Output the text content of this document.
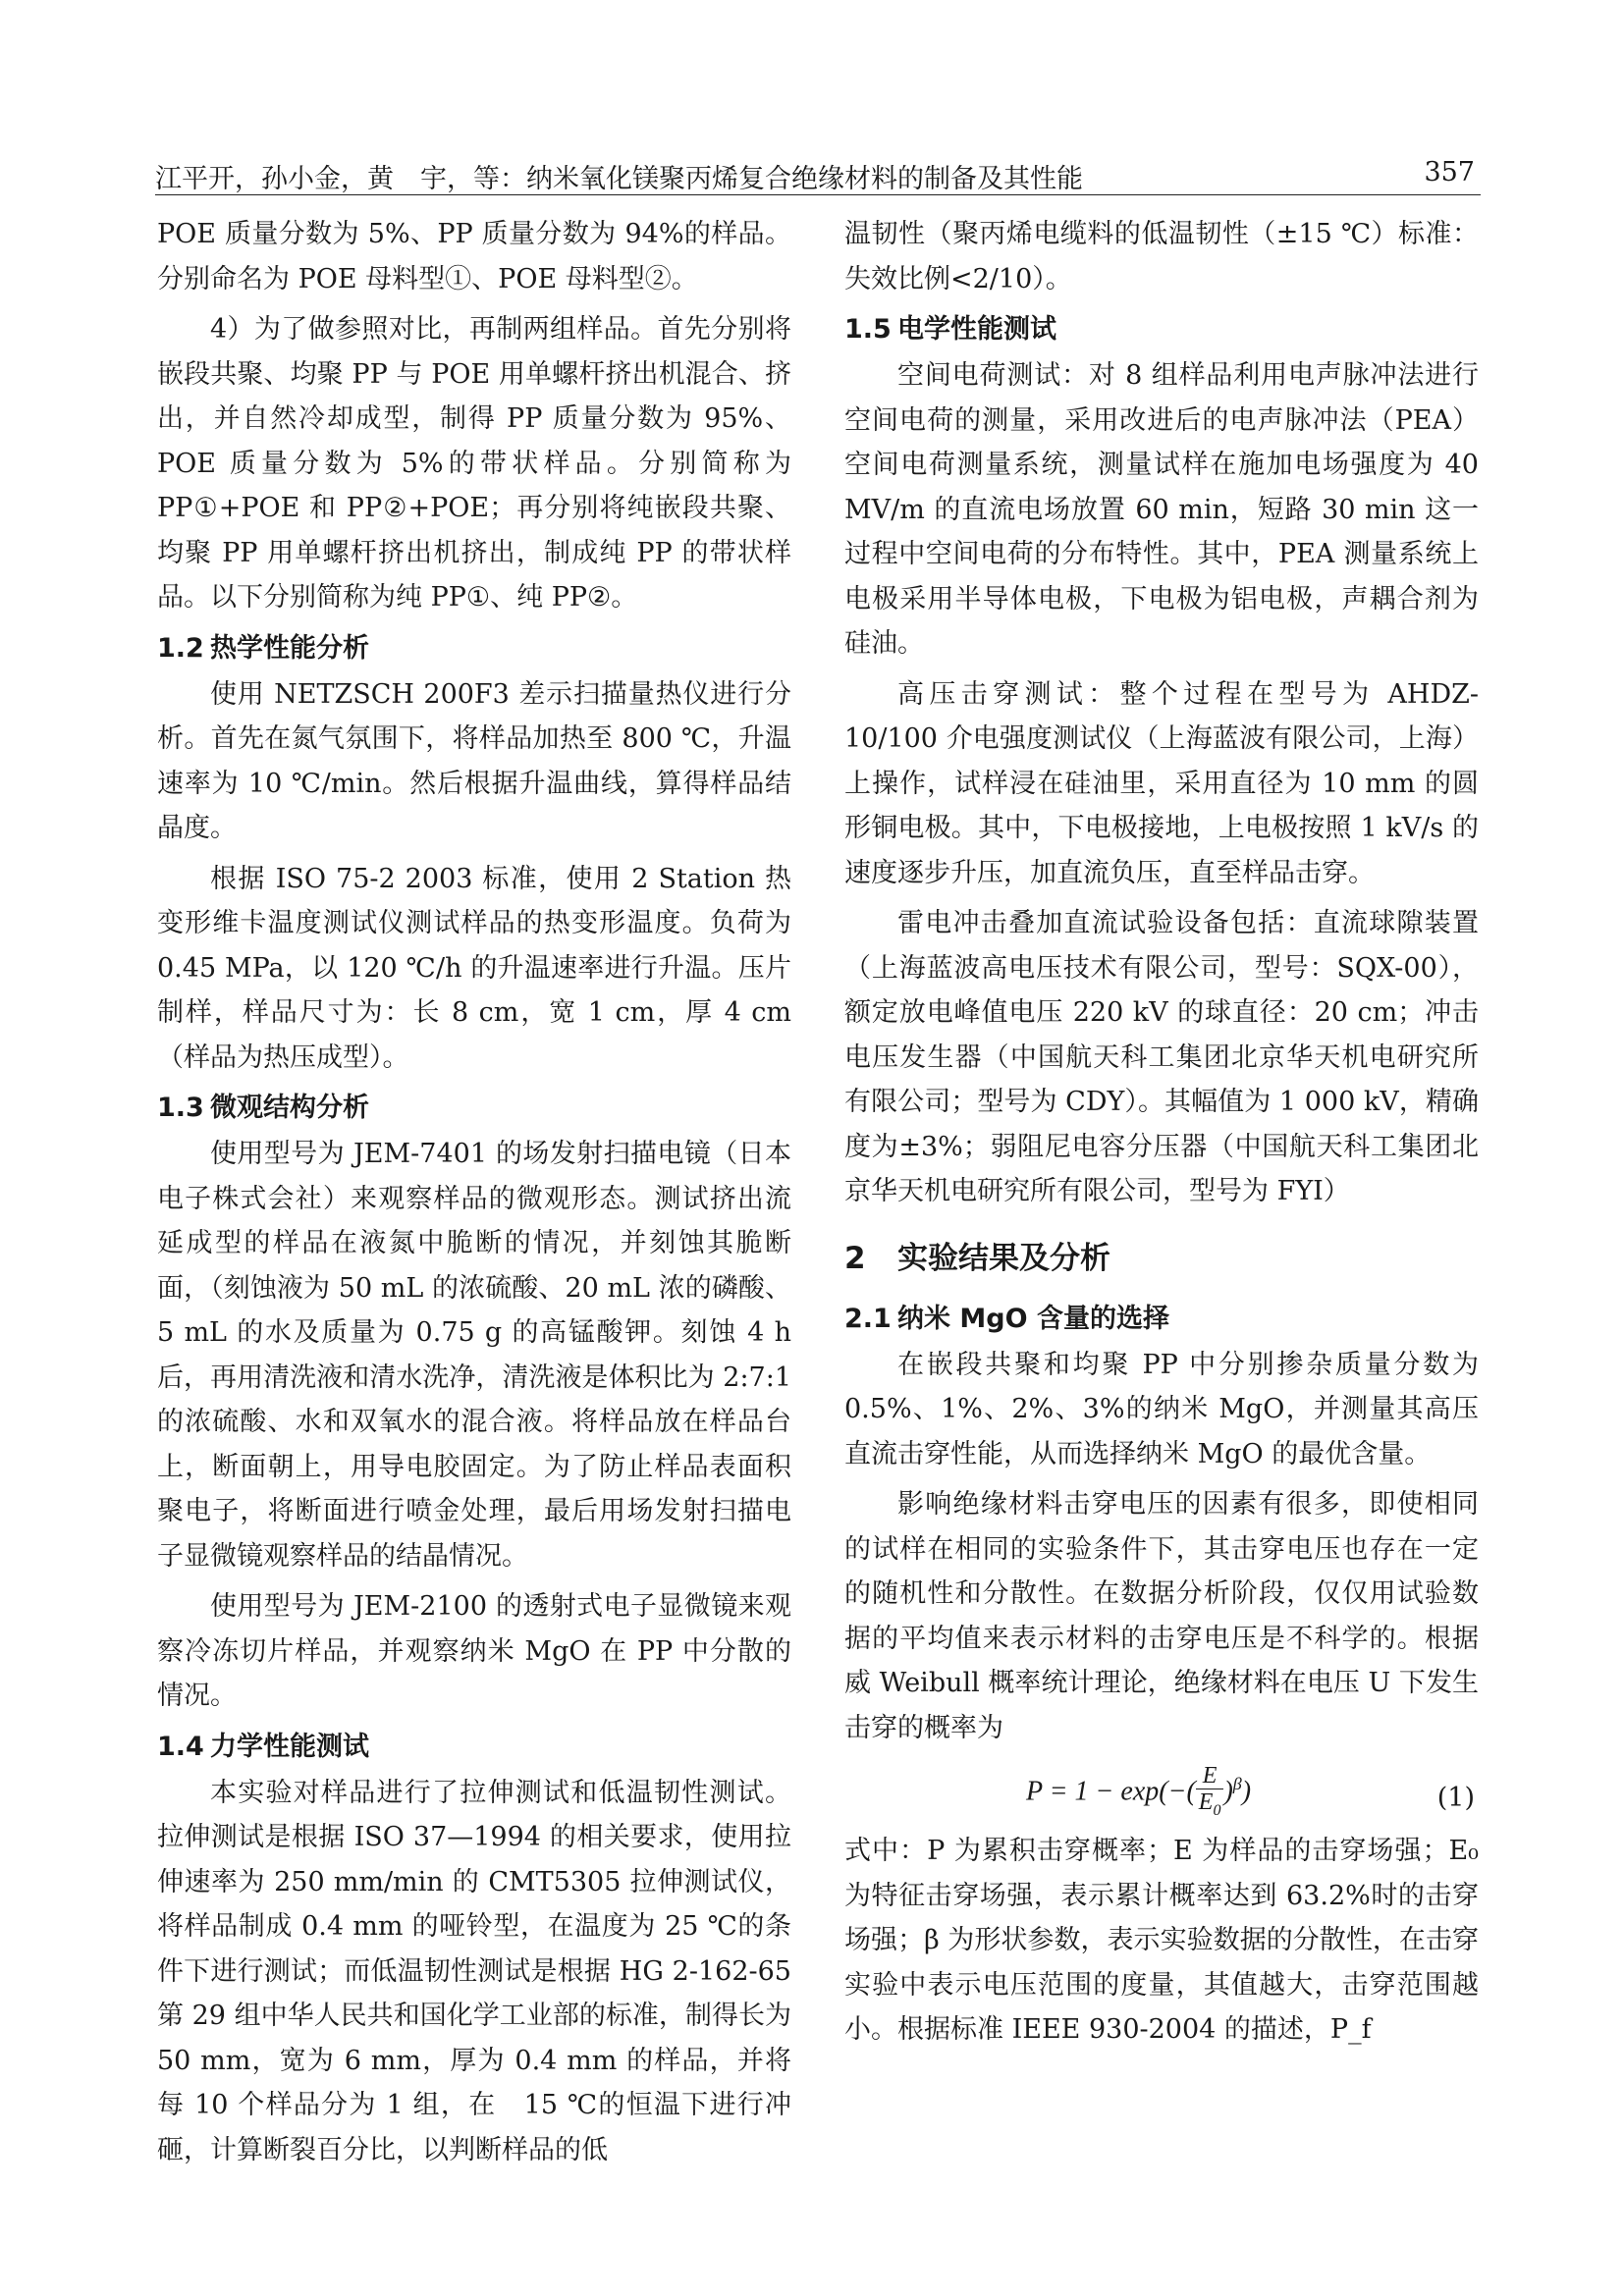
江平开，孙小金，黄　宇，等：纳米氧化镁聚丙烯复合绝缘材料的制备及其性能	357

POE 质量分数为 5%、PP 质量分数为 94%的样品。分别命名为 POE 母料型①、POE 母料型②。

4）为了做参照对比，再制两组样品。首先分别将嵌段共聚、均聚 PP 与 POE 用单螺杆挤出机混合、挤出，并自然冷却成型，制得 PP 质量分数为 95%、POE 质量分数为 5%的带状样品。分别简称为 PP①+POE 和 PP②+POE；再分别将纯嵌段共聚、均聚 PP 用单螺杆挤出机挤出，制成纯 PP 的带状样品。以下分别简称为纯 PP①、纯 PP②。

1.2 热学性能分析

使用 NETZSCH 200F3 差示扫描量热仪进行分析。首先在氮气氛围下，将样品加热至 800 ℃，升温速率为 10 ℃/min。然后根据升温曲线，算得样品结晶度。

根据 ISO 75-2 2003 标准，使用 2 Station 热变形维卡温度测试仪测试样品的热变形温度。负荷为 0.45 MPa，以 120 ℃/h 的升温速率进行升温。压片制样，样品尺寸为：长 8 cm，宽 1 cm，厚 4 cm（样品为热压成型）。

1.3 微观结构分析

使用型号为 JEM-7401 的场发射扫描电镜（日本电子株式会社）来观察样品的微观形态。测试挤出流延成型的样品在液氮中脆断的情况，并刻蚀其脆断面，（刻蚀液为 50 mL 的浓硫酸、20 mL 浓的磷酸、5 mL 的水及质量为 0.75 g 的高锰酸钾。刻蚀 4 h 后，再用清洗液和清水洗净，清洗液是体积比为 2:7:1 的浓硫酸、水和双氧水的混合液。将样品放在样品台上，断面朝上，用导电胶固定。为了防止样品表面积聚电子，将断面进行喷金处理，最后用场发射扫描电子显微镜观察样品的结晶情况。

使用型号为 JEM-2100 的透射式电子显微镜来观察冷冻切片样品，并观察纳米 MgO 在 PP 中分散的情况。

1.4 力学性能测试

本实验对样品进行了拉伸测试和低温韧性测试。拉伸测试是根据 ISO 37—1994 的相关要求，使用拉伸速率为 250 mm/min 的 CMT5305 拉伸测试仪，将样品制成 0.4 mm 的哑铃型，在温度为 25 ℃的条件下进行测试；而低温韧性测试是根据 HG 2-162-65 第 29 组中华人民共和国化学工业部的标准，制得长为 50 mm，宽为 6 mm，厚为 0.4 mm 的样品，并将每 10 个样品分为 1 组，在　15 ℃的恒温下进行冲砸，计算断裂百分比，以判断样品的低

温韧性（聚丙烯电缆料的低温韧性（±15 ℃）标准：失效比例<2/10）。

1.5 电学性能测试

空间电荷测试：对 8 组样品利用电声脉冲法进行空间电荷的测量，采用改进后的电声脉冲法（PEA）空间电荷测量系统，测量试样在施加电场强度为 40 MV/m 的直流电场放置 60 min，短路 30 min 这一过程中空间电荷的分布特性。其中，PEA 测量系统上电极采用半导体电极，下电极为铝电极，声耦合剂为硅油。

高压击穿测试：整个过程在型号为 AHDZ-10/100 介电强度测试仪（上海蓝波有限公司，上海）上操作，试样浸在硅油里，采用直径为 10 mm 的圆形铜电极。其中，下电极接地，上电极按照 1 kV/s 的速度逐步升压，加直流负压，直至样品击穿。

雷电冲击叠加直流试验设备包括：直流球隙装置（上海蓝波高电压技术有限公司，型号：SQX-00），额定放电峰值电压 220 kV 的球直径：20 cm；冲击电压发生器（中国航天科工集团北京华天机电研究所有限公司；型号为 CDY）。其幅值为 1 000 kV，精确度为±3%；弱阻尼电容分压器（中国航天科工集团北京华天机电研究所有限公司，型号为 FYI）

2 实验结果及分析
2.1 纳米 MgO 含量的选择

在嵌段共聚和均聚 PP 中分别掺杂质量分数为 0.5%、1%、2%、3%的纳米 MgO，并测量其高压直流击穿性能，从而选择纳米 MgO 的最优含量。

影响绝缘材料击穿电压的因素有很多，即使相同的试样在相同的实验条件下，其击穿电压也存在一定的随机性和分散性。在数据分析阶段，仅仅用试验数据的平均值来表示材料的击穿电压是不科学的。根据威 Weibull 概率统计理论，绝缘材料在电压 U 下发生击穿的概率为

$P = 1 - \exp(-( \frac{E}{E_0} )^\beta)$	(1)

式中：P 为累积击穿概率；E 为样品的击穿场强；E₀ 为特征击穿场强，表示累计概率达到 63.2%时的击穿场强；β 为形状参数，表示实验数据的分散性，在击穿实验中表示电压范围的度量，其值越大，击穿范围越小。根据标准 IEEE 930-2004 的描述，P_f
